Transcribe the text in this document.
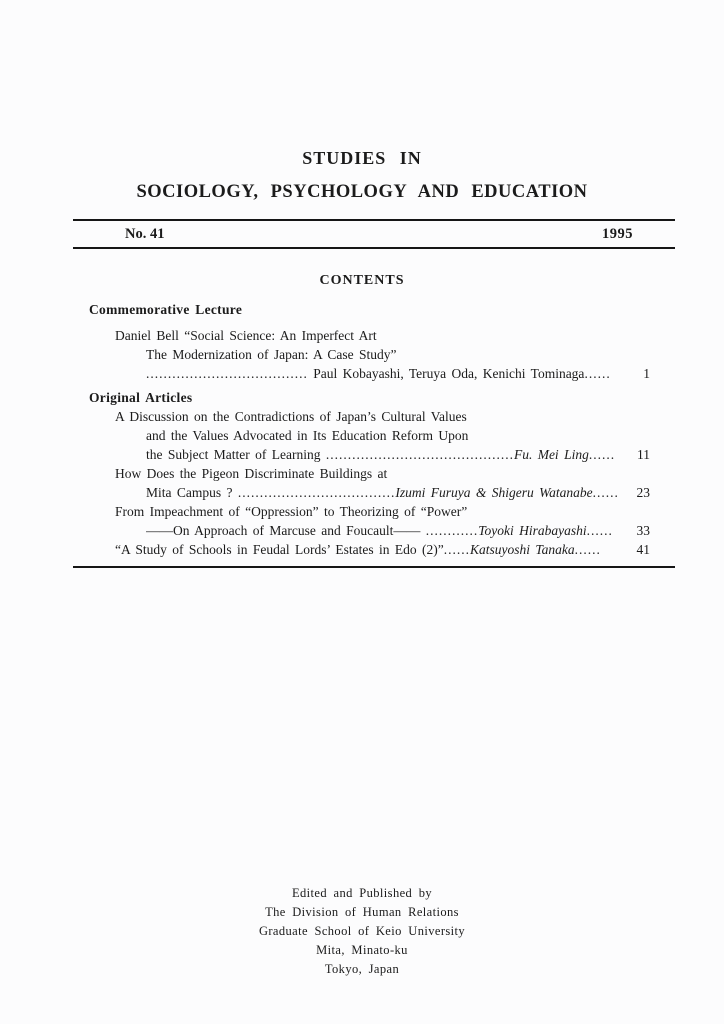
STUDIES IN
SOCIOLOGY, PSYCHOLOGY AND EDUCATION
No. 41	1995
CONTENTS
Commemorative Lecture
Daniel Bell “Social Science: An Imperfect Art
The Modernization of Japan: A Case Study”
..................................... Paul Kobayashi, Teruya Oda, Kenichi Tominaga......	1
Original Articles
A Discussion on the Contradictions of Japan’s Cultural Values
and the Values Advocated in Its Education Reform Upon
the Subject Matter of Learning ...........................................Fu. Mei Ling......	11
How Does the Pigeon Discriminate Buildings at
Mita Campus ? ....................................Izumi Furuya & Shigeru Watanabe......	23
From Impeachment of “Oppression” to Theorizing of “Power”
——On Approach of Marcuse and Foucault—— ............Toyoki Hirabayashi......	33
“A Study of Schools in Feudal Lords’ Estates in Edo (2)”......Katsuyoshi Tanaka......	41
Edited and Published by
The Division of Human Relations
Graduate School of Keio University
Mita, Minato-ku
Tokyo, Japan
